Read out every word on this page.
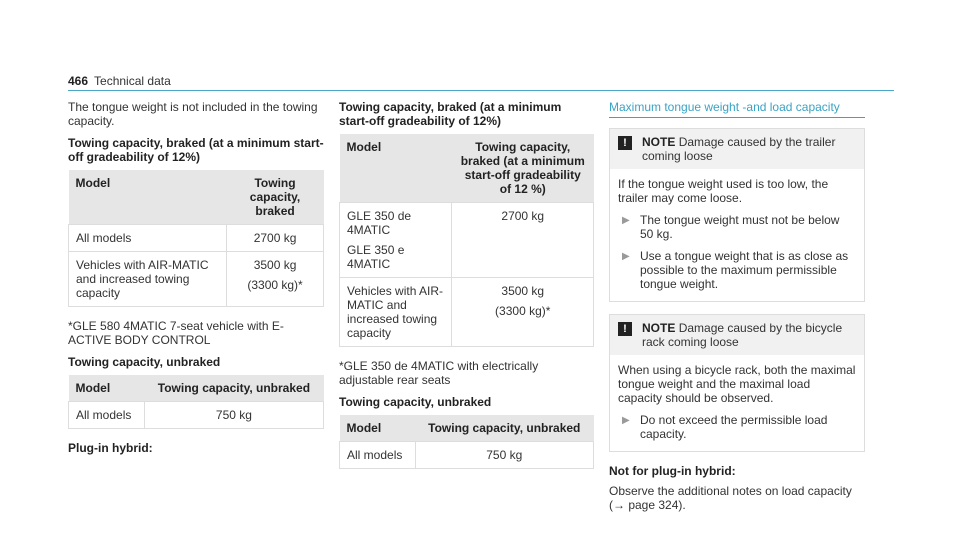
466 Technical data

The tongue weight is not included in the towing capacity.

Towing capacity, braked (at a minimum start-off gradeability of 12%)

Model	Towing capacity, braked
All models	2700 kg
Vehicles with AIR-MATIC and increased towing capacity	3500 kg
(3300 kg)*

*GLE 580 4MATIC 7-seat vehicle with E-ACTIVE BODY CONTROL

Towing capacity, unbraked

Model	Towing capacity, unbraked
All models	750 kg

Plug-in hybrid:

Towing capacity, braked (at a minimum start-off gradeability of 12%)

Model	Towing capacity, braked (at a minimum start-off gradeability of 12 %)

GLE 350 de 4MATIC
GLE 350 e 4MATIC	2700 kg
Vehicles with AIR-MATIC and increased towing capacity	3500 kg
(3300 kg)*

*GLE 350 de 4MATIC with electrically adjustable rear seats

Towing capacity, unbraked

Model	Towing capacity, unbraked
All models	750 kg
Maximum tongue weight -and load capacity
!	NOTE Damage caused by the trailer coming loose

If the tongue weight used is too low, the trailer may come loose.

▶ The tongue weight must not be below 50 kg.
▶ Use a tongue weight that is as close as possible to the maximum permissible tongue weight.
!	NOTE Damage caused by the bicycle rack coming loose

When using a bicycle rack, both the maximal tongue weight and the maximal load capacity should be observed.

▶ Do not exceed the permissible load capacity.

Not for plug-in hybrid:

Observe the additional notes on load capacity (→ page 324).
